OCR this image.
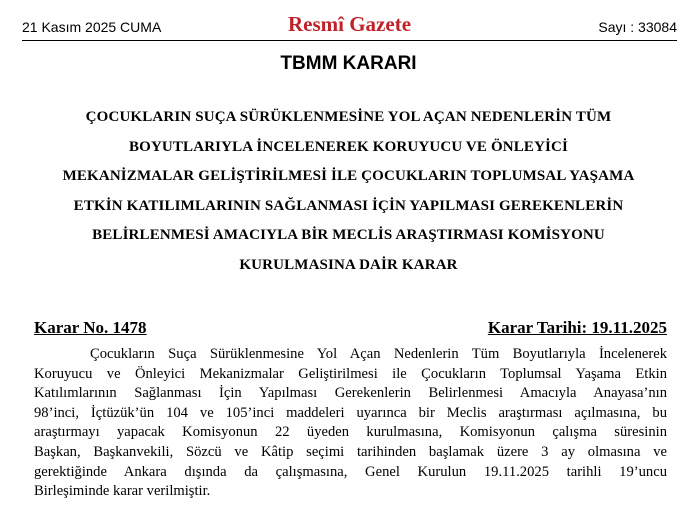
21 Kasım 2025 CUMA	Resmî Gazete	Sayı : 33084
TBMM KARARI
ÇOCUKLARIN SUÇA SÜRÜKLENMESİNE YOL AÇAN NEDENLERİN TÜM
BOYUTLARIYLA İNCELENEREK KORUYUCU VE ÖNLEYİCİ
MEKANİZMALAR GELİŞTİRİLMESİ İLE ÇOCUKLARIN TOPLUMSAL YAŞAMA
ETKİN KATILIMLARININ SAĞLANMASI İÇİN YAPILMASI GEREKENLERİN
BELİRLENMESİ AMACIYLA BİR MECLİS ARAŞTIRMASI KOMİSYONU
KURULMASINA DAİR KARAR
Karar No. 1478	Karar Tarihi: 19.11.2025
Çocukların Suça Sürüklenmesine Yol Açan Nedenlerin Tüm Boyutlarıyla İncelenerek
Koruyucu ve Önleyici Mekanizmalar Geliştirilmesi ile Çocukların Toplumsal Yaşama Etkin
Katılımlarının Sağlanması İçin Yapılması Gerekenlerin Belirlenmesi Amacıyla Anayasa’nın
98’inci, İçtüzük’ün 104 ve 105’inci maddeleri uyarınca bir Meclis araştırması açılmasına, bu
araştırmayı yapacak Komisyonun 22 üyeden kurulmasına, Komisyonun çalışma süresinin
Başkan, Başkanvekili, Sözcü ve Kâtip seçimi tarihinden başlamak üzere 3 ay olmasına ve
gerektiğinde Ankara dışında da çalışmasına, Genel Kurulun 19.11.2025 tarihli 19’uncu
Birleşiminde karar verilmiştir.
